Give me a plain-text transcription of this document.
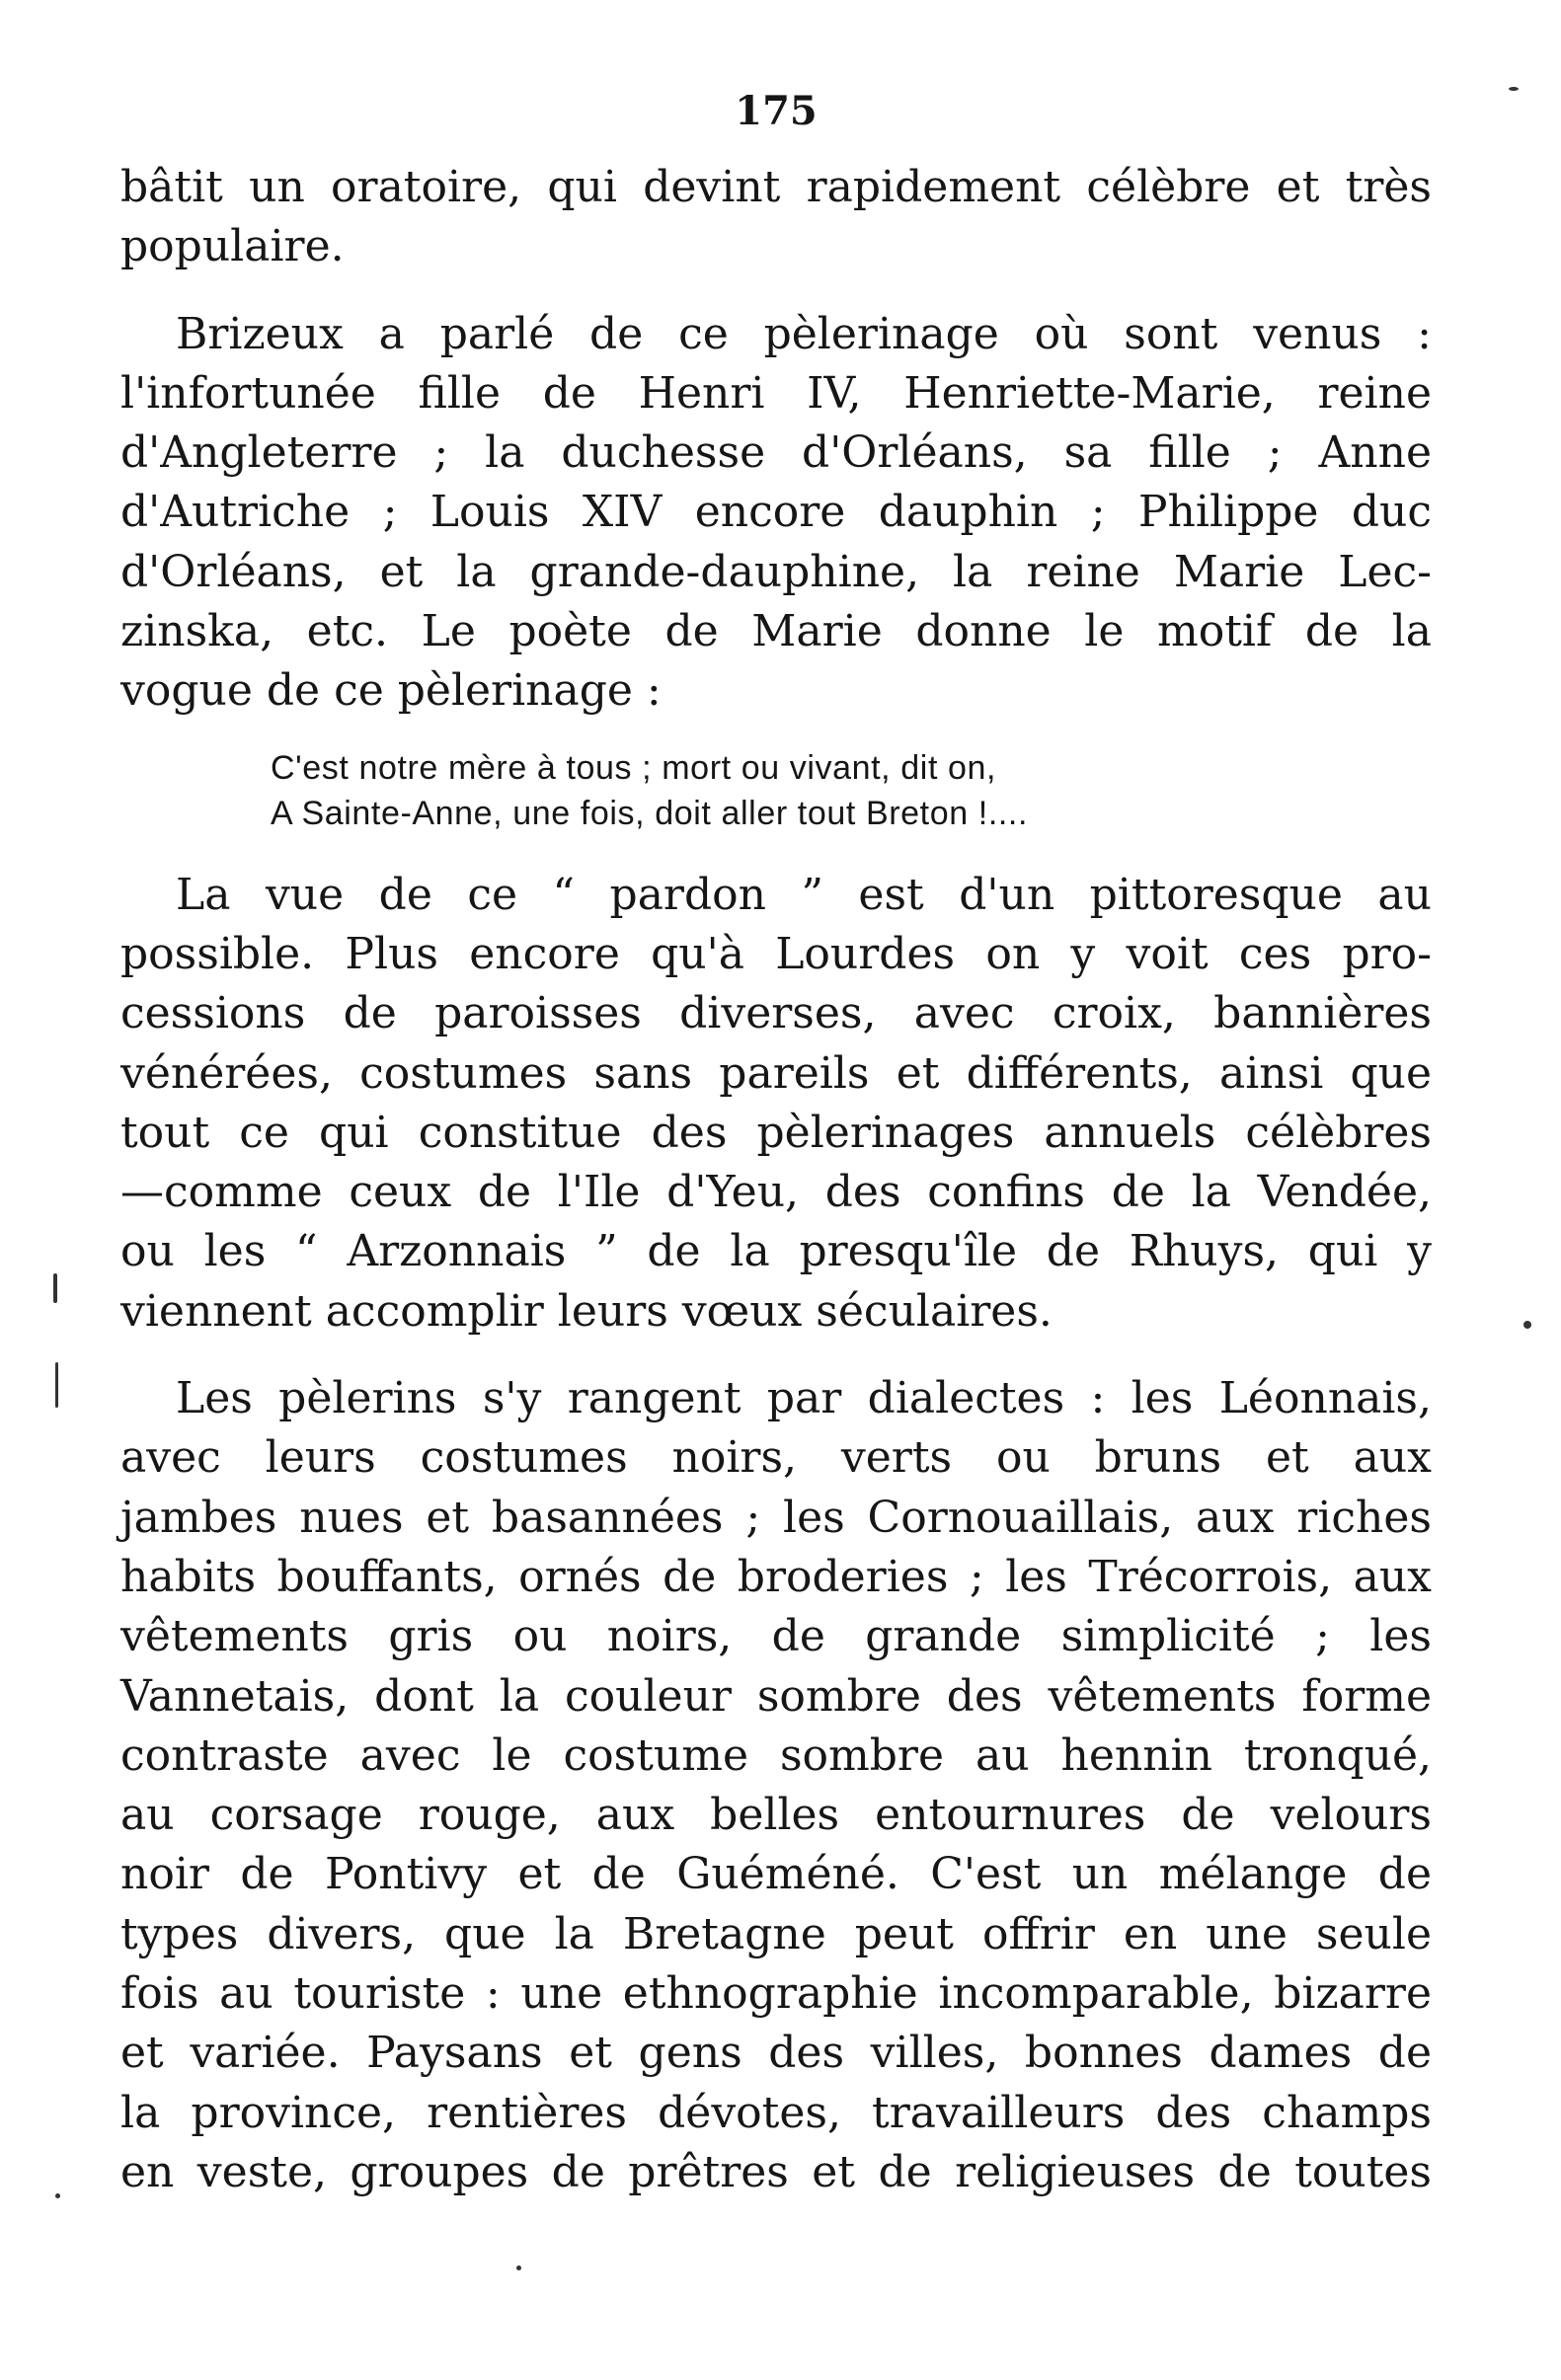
175
bâtit un oratoire, qui devint rapidement célèbre et très
populaire.
Brizeux a parlé de ce pèlerinage où sont venus :
l'infortunée fille de Henri IV, Henriette-Marie, reine
d'Angleterre ; la duchesse d'Orléans, sa fille ; Anne
d'Autriche ; Louis XIV encore dauphin ; Philippe duc
d'Orléans, et la grande-dauphine, la reine Marie Lec-
zinska, etc. Le poète de Marie donne le motif de la
vogue de ce pèlerinage :
C'est notre mère à tous ; mort ou vivant, dit on,
A Sainte-Anne, une fois, doit aller tout Breton !....
La vue de ce “ pardon ” est d'un pittoresque au
possible. Plus encore qu'à Lourdes on y voit ces pro-
cessions de paroisses diverses, avec croix, bannières
vénérées, costumes sans pareils et différents, ainsi que
tout ce qui constitue des pèlerinages annuels célèbres
—comme ceux de l'Ile d'Yeu, des confins de la Vendée,
ou les “ Arzonnais ” de la presqu'île de Rhuys, qui y
viennent accomplir leurs vœux séculaires.
Les pèlerins s'y rangent par dialectes : les Léonnais,
avec leurs costumes noirs, verts ou bruns et aux
jambes nues et basannées ; les Cornouaillais, aux riches
habits bouffants, ornés de broderies ; les Trécorrois, aux
vêtements gris ou noirs, de grande simplicité ; les
Vannetais, dont la couleur sombre des vêtements forme
contraste avec le costume sombre au hennin tronqué,
au corsage rouge, aux belles entournures de velours
noir de Pontivy et de Guéméné. C'est un mélange de
types divers, que la Bretagne peut offrir en une seule
fois au touriste : une ethnographie incomparable, bizarre
et variée. Paysans et gens des villes, bonnes dames de
la province, rentières dévotes, travailleurs des champs
en veste, groupes de prêtres et de religieuses de toutes
